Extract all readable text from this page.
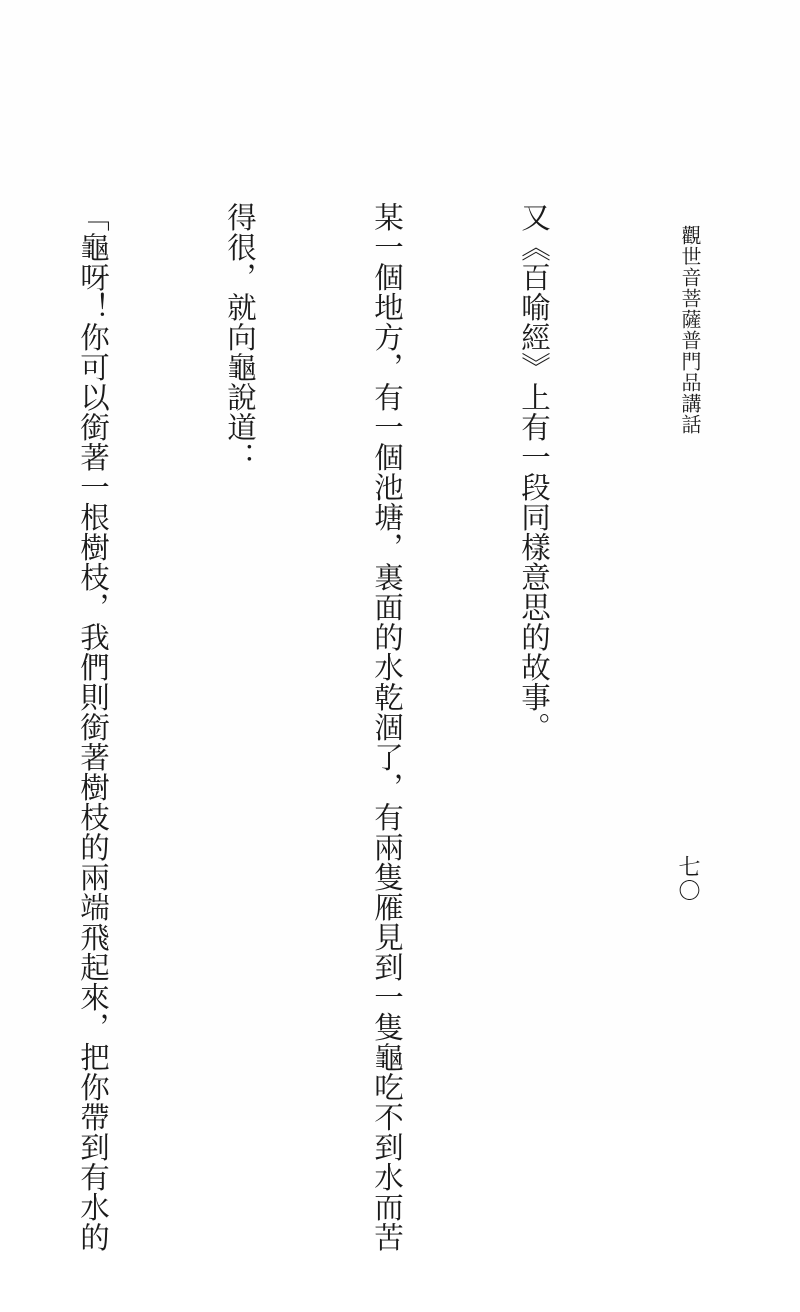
觀世音菩薩普門品講話
七〇

又《百喻經》上有一段同樣意思的故事。

某一個地方，有一個池塘，裏面的水乾涸了，有兩隻雁見到一隻龜吃不到水而苦

得很，就向龜說道：

「龜呀！你可以銜著一根樹枝，我們則銜著樹枝的兩端飛起來，把你帶到有水的
